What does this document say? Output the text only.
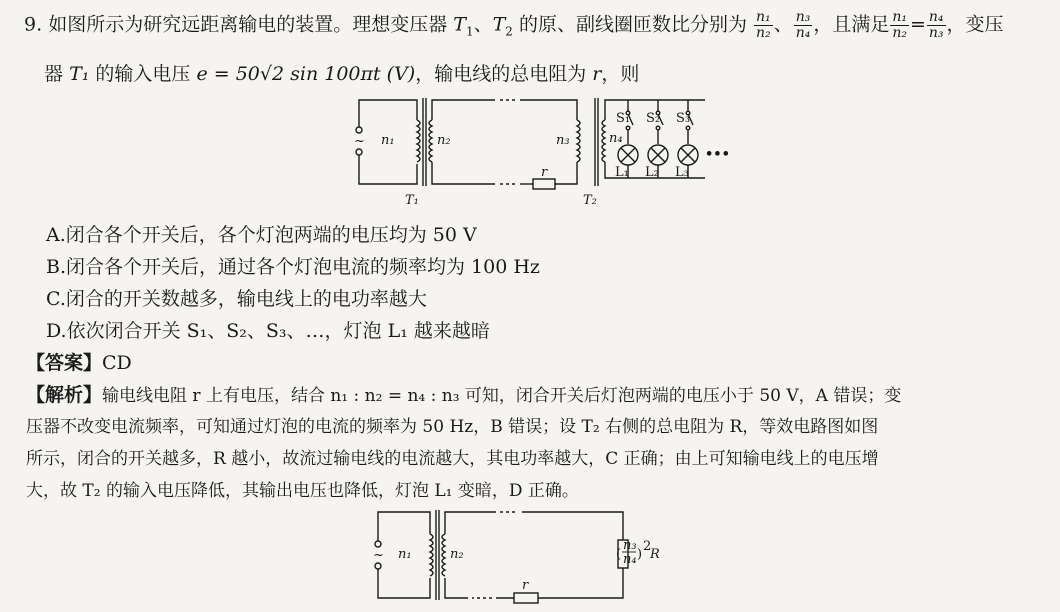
9. 如图所示为研究远距离输电的装置。理想变压器 $T_1$、$T_2$ 的原、副线圈匝数比分别为 $\frac{\text{n₁}}{\text{n₂}}$ 、 $\frac{\text{n₃}}{\text{n₄}}$ ，且满足 $\frac{\text{n₁}}{\text{n₂}} = \frac{\text{n₄}}{\text{n₃}}$ ，变压
器 T₁ 的输入电压 e = 50√2 sin 100πt (V)，输电线的总电阻为 r，则
~ n₁
T₁
n₂
r
n₃
T₂
n₄
S₁ S₂ S₃
L₁ L₂ L₃
•••
A.闭合各个开关后，各个灯泡两端的电压均为 50 V
B.闭合各个开关后，通过各个灯泡电流的频率均为 100 Hz
C.闭合的开关数越多，输电线上的电功率越大
D.依次闭合开关 S₁、S₂、S₃、…，灯泡 L₁ 越来越暗
【答案】CD
【解析】输电线电阻 r 上有电压，结合 n₁ : n₂ = n₄ : n₃ 可知，闭合开关后灯泡两端的电压小于 50 V，A 错误；变
压器不改变电流频率，可知通过灯泡的电流的频率为 50 Hz，B 错误；设 T₂ 右侧的总电阻为 R，等效电路图如图
所示，闭合的开关越多，R 越小，故流过输电线的电流越大，其电功率越大，C 正确；由上可知输电线上的电压增
大，故 T₂ 的输入电压降低，其输出电压也降低，灯泡 L₁ 变暗，D 正确。
~ n₁	n₂
r
(
n₃
n₄ )
2
R
